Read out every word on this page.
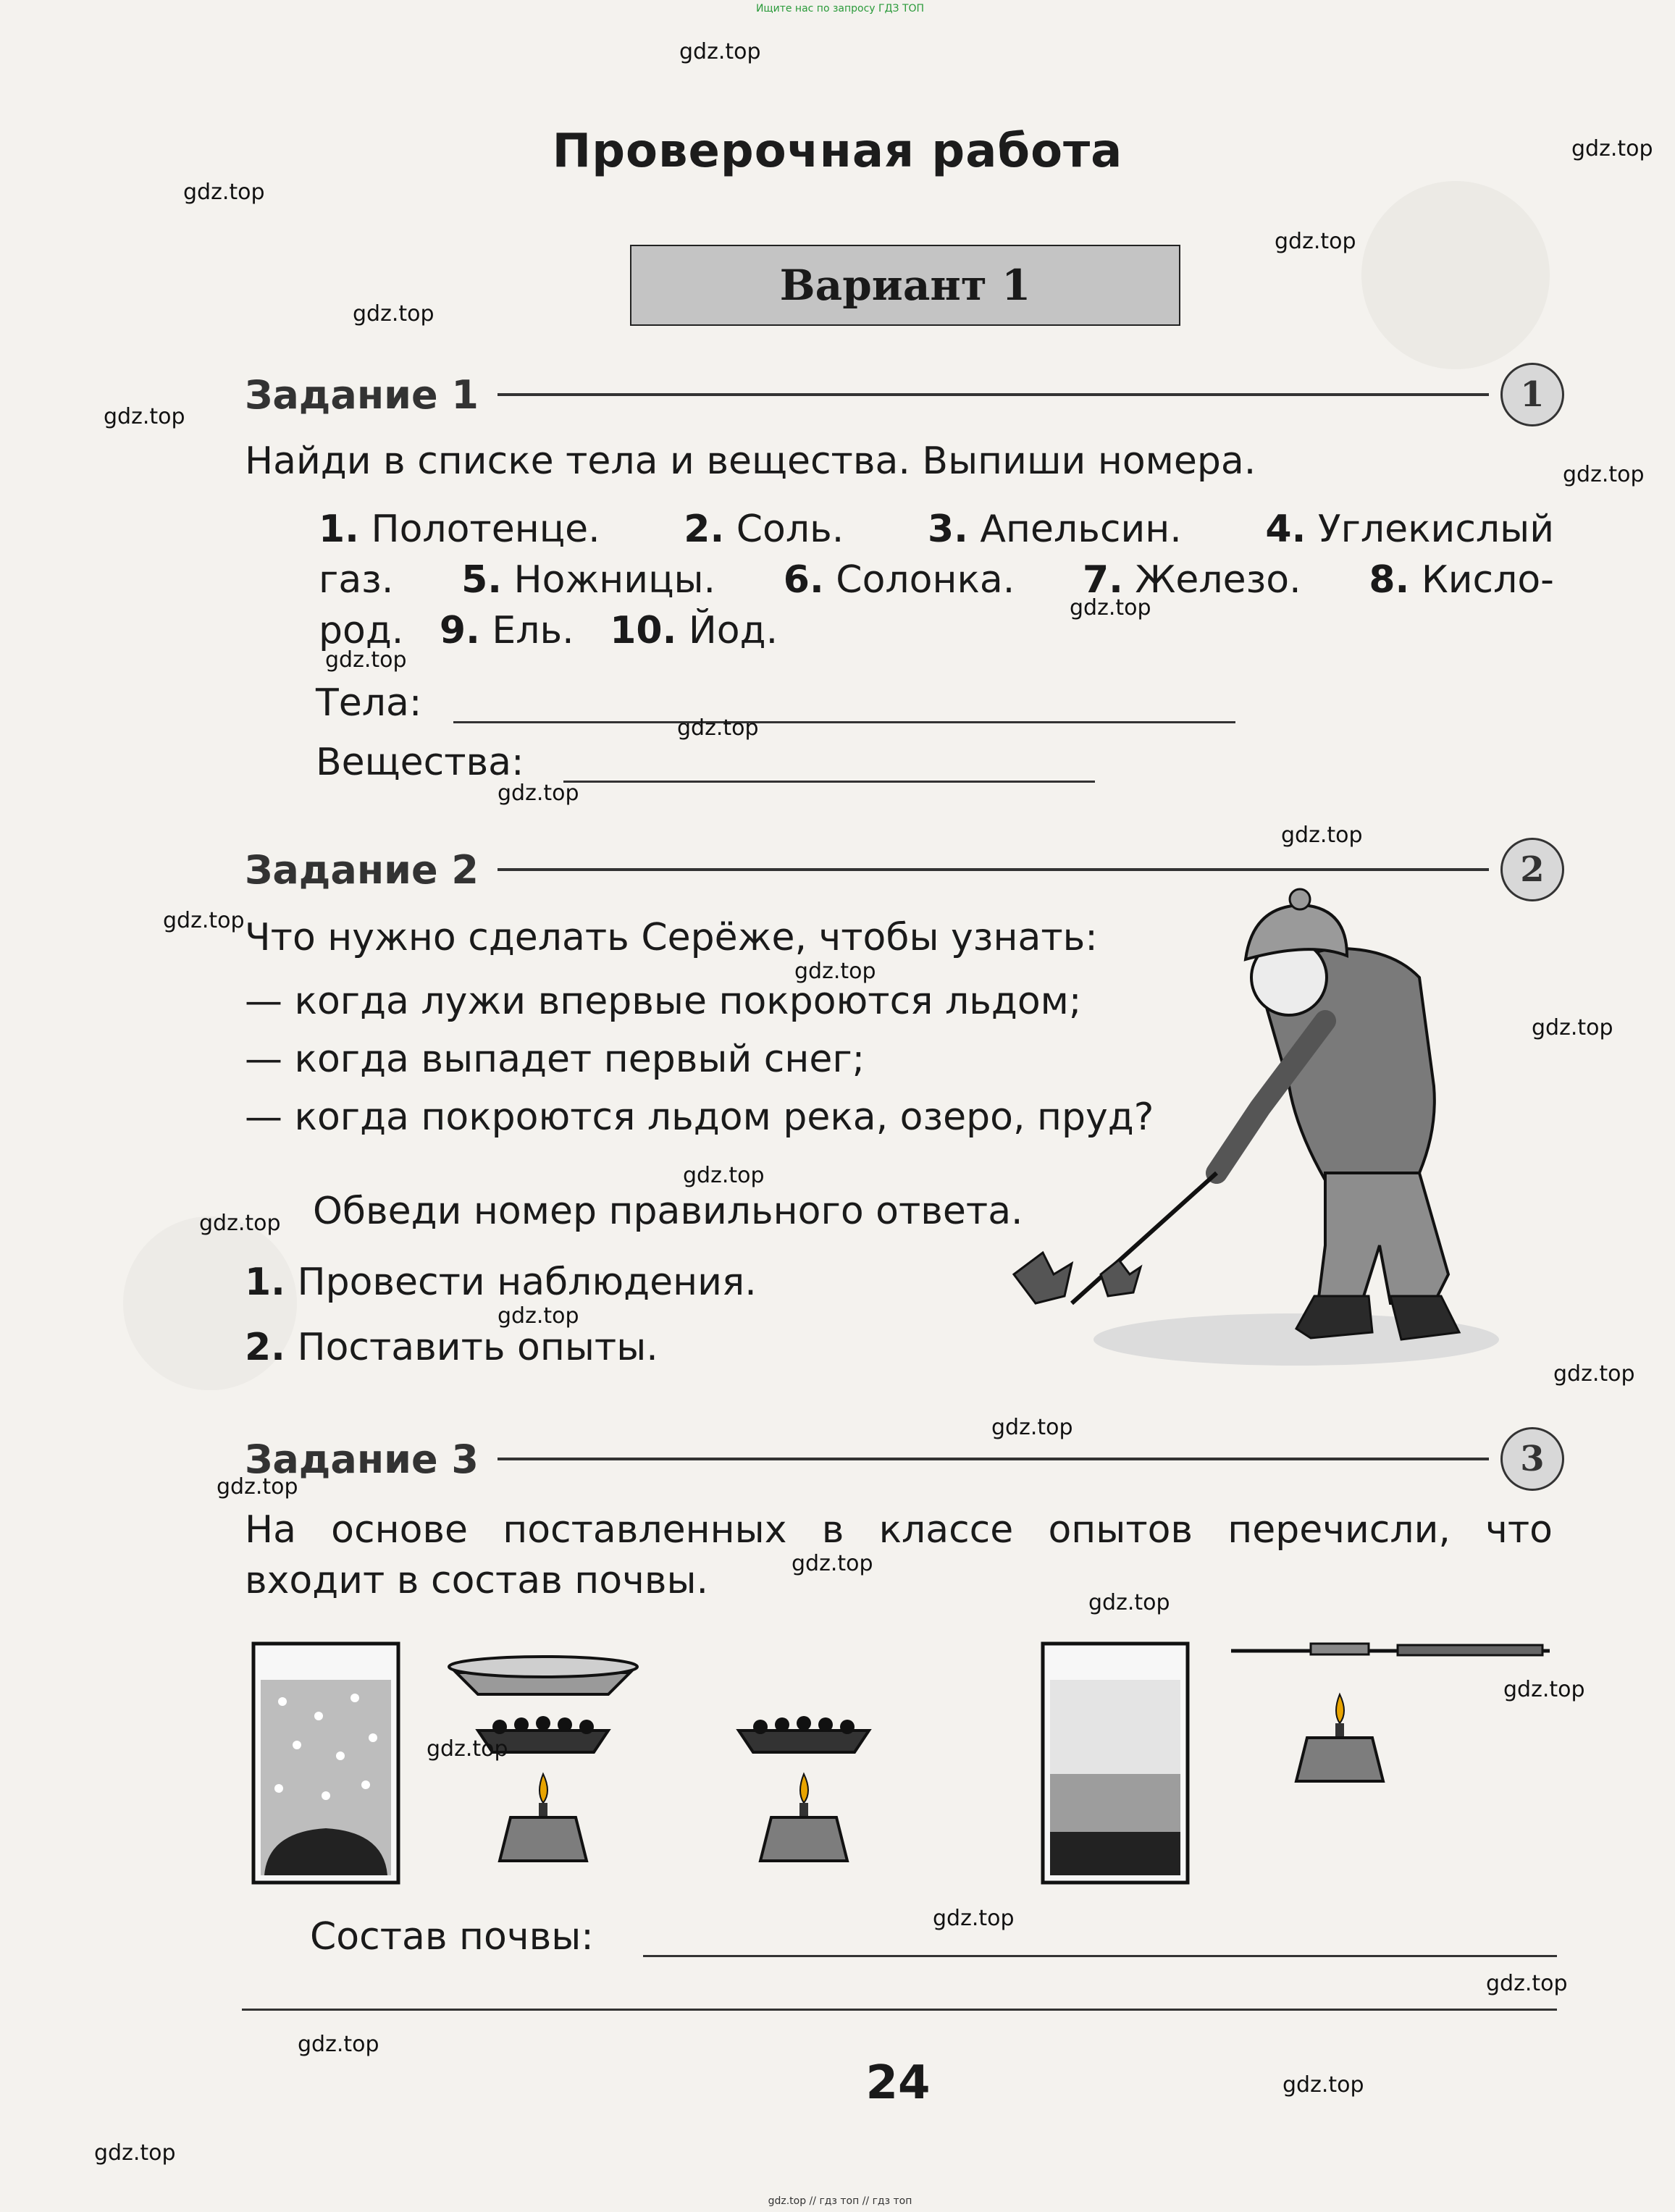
Ищите нас по запросу ГДЗ ТОП
Проверочная работа
Вариант 1
Задание 1	1
Найди в списке тела и вещества. Выпиши номера.
1. Полотенце. 2. Соль. 3. Апельсин. 4. Углекислый
газ. 5. Ножницы. 6. Солонка. 7. Железо. 8. Кисло-
род. 9. Ель. 10. Йод.
Тела:
Вещества:
Задание 2	2
Что нужно сделать Серёже, чтобы узнать:
— когда лужи впервые покроются льдом;
— когда выпадет первый снег;
— когда покроются льдом река, озеро, пруд?
Обведи номер правильного ответа.
1. Провести наблюдения.
2. Поставить опыты.
Задание 3	3
На основе поставленных в классе опытов перечисли, что
входит в состав почвы.
Состав почвы:
24
gdz.top // гдз топ // гдз топ
gdz.top
gdz.top
gdz.top
gdz.top
gdz.top
gdz.top
gdz.top
gdz.top
gdz.top
gdz.top
gdz.top
gdz.top
gdz.top
gdz.top
gdz.top
gdz.top
gdz.top
gdz.top
gdz.top
gdz.top
gdz.top
gdz.top
gdz.top
gdz.top
gdz.top
gdz.top
gdz.top
gdz.top
gdz.top
gdz.top
